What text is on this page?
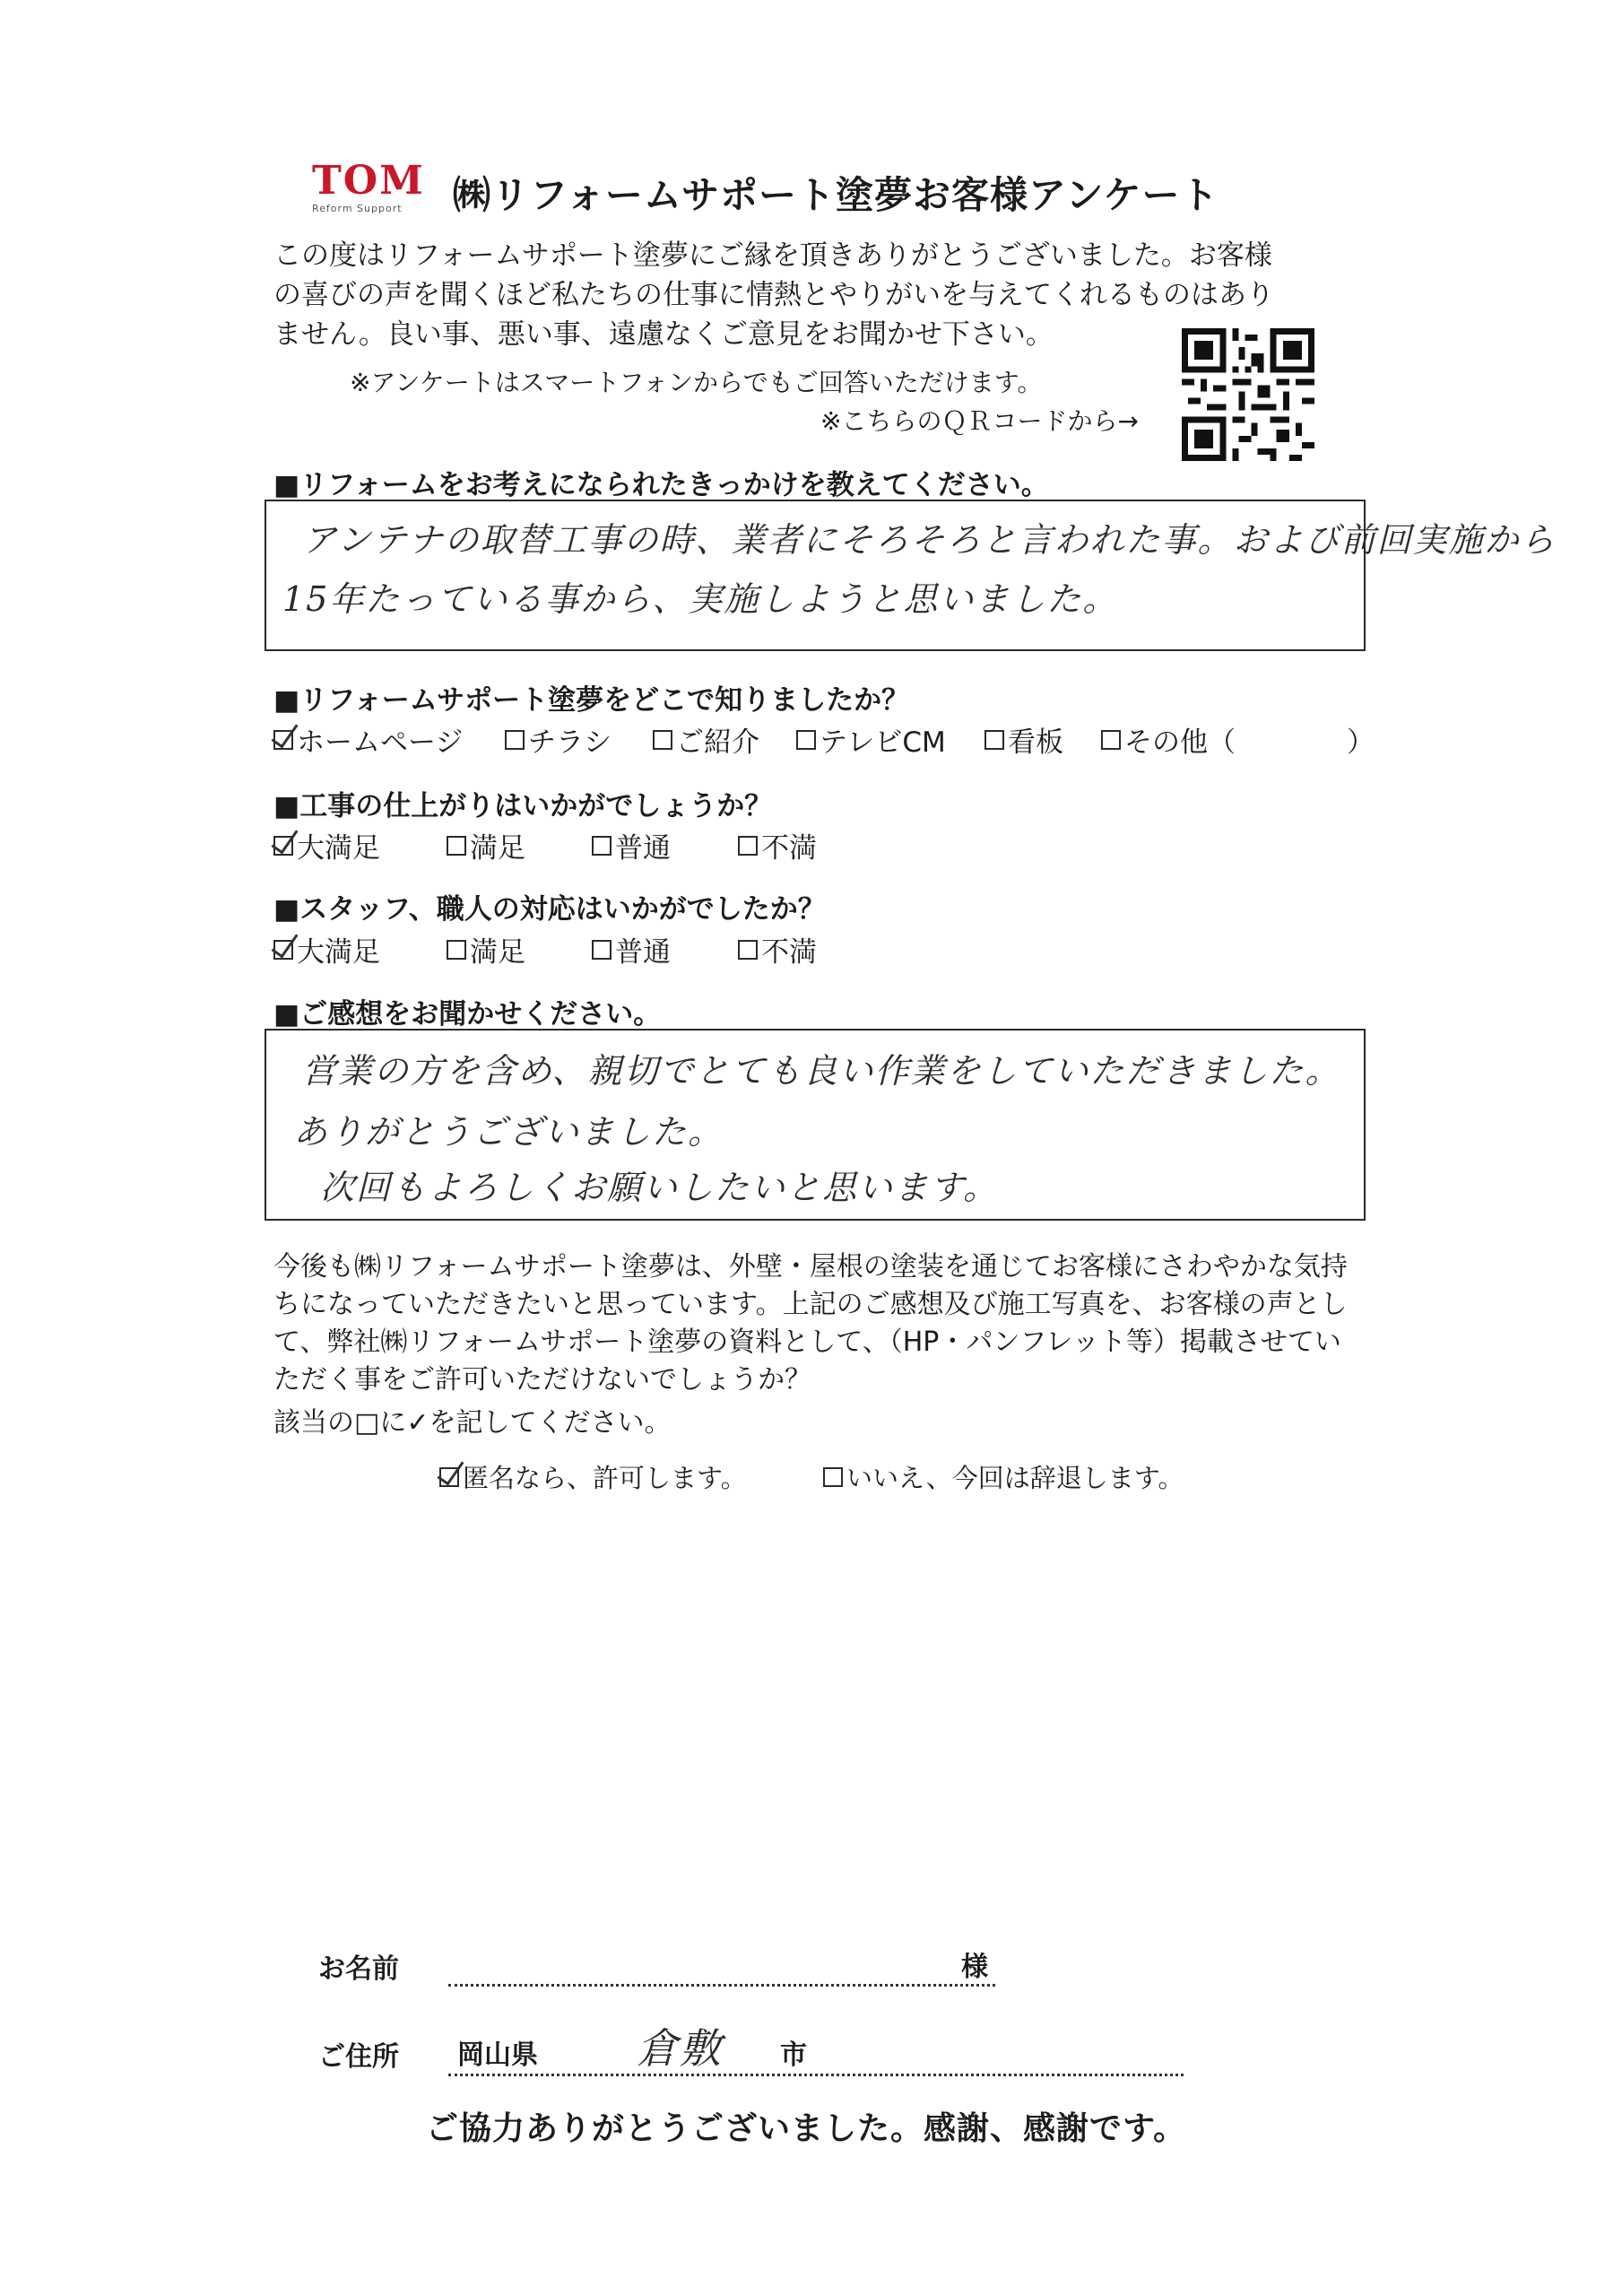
TOM
Reform Support	㈱リフォームサポート塗夢お客様アンケート
この度はリフォームサポート塗夢にご縁を頂きありがとうございました。お客様
の喜びの声を聞くほど私たちの仕事に情熱とやりがいを与えてくれるものはあり
ません。良い事、悪い事、遠慮なくご意見をお聞かせ下さい。
※アンケートはスマートフォンからでもご回答いただけます。
※こちらのＱＲコードから→
■リフォームをお考えになられたきっかけを教えてください。
アンテナの取替工事の時、業者にそろそろと言われた事。および前回実施から
15年たっている事から、実施しようと思いました。
■リフォームサポート塗夢をどこで知りましたか？
ホームページ チラシ ご紹介 テレビCM 看板 その他（　　　　）
■工事の仕上がりはいかがでしょうか？
大満足	満足	普通	不満
■スタッフ、職人の対応はいかがでしたか？
大満足	満足	普通	不満
■ご感想をお聞かせください。
営業の方を含め、親切でとても良い作業をしていただきました。
ありがとうございました。
次回もよろしくお願いしたいと思います。
今後も㈱リフォームサポート塗夢は、外壁・屋根の塗装を通じてお客様にさわやかな気持
ちになっていただきたいと思っています。上記のご感想及び施工写真を、お客様の声とし
て、弊社㈱リフォームサポート塗夢の資料として、（HP・パンフレット等）掲載させてい
ただく事をご許可いただけないでしょうか？
該当の□に✓を記してください。
匿名なら、許可します。	いいえ、今回は辞退します。
お名前	様
ご住所 岡山県 倉敷 市
ご協力ありがとうございました。感謝、感謝です。
